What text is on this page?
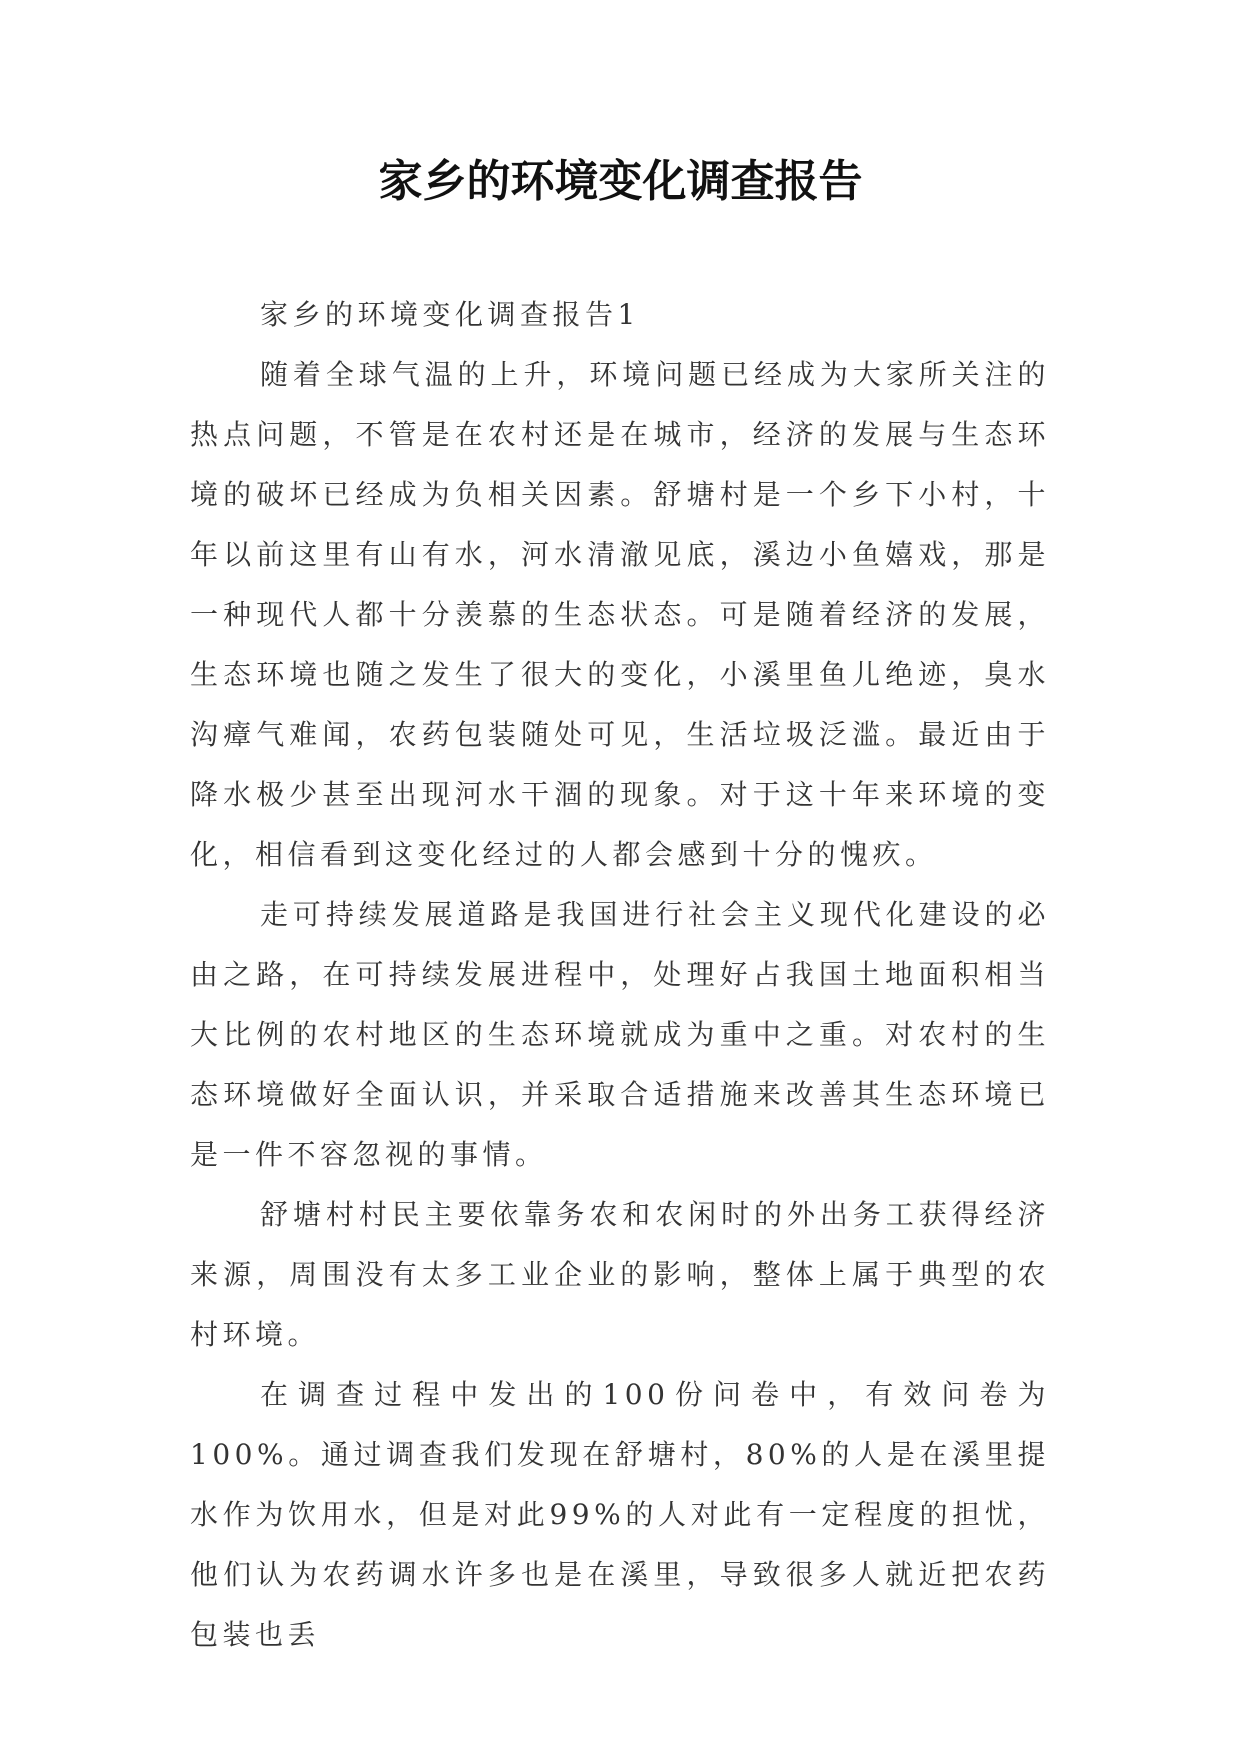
家乡的环境变化调查报告

家乡的环境变化调查报告1

随着全球气温的上升，环境问题已经成为大家所关注的热点问题，不管是在农村还是在城市，经济的发展与生态环境的破坏已经成为负相关因素。舒塘村是一个乡下小村，十年以前这里有山有水，河水清澈见底，溪边小鱼嬉戏，那是一种现代人都十分羡慕的生态状态。可是随着经济的发展，生态环境也随之发生了很大的变化，小溪里鱼儿绝迹，臭水沟瘴气难闻，农药包装随处可见，生活垃圾泛滥。最近由于降水极少甚至出现河水干涸的现象。对于这十年来环境的变化，相信看到这变化经过的人都会感到十分的愧疚。

走可持续发展道路是我国进行社会主义现代化建设的必由之路，在可持续发展进程中，处理好占我国土地面积相当大比例的农村地区的生态环境就成为重中之重。对农村的生态环境做好全面认识，并采取合适措施来改善其生态环境已是一件不容忽视的事情。

舒塘村村民主要依靠务农和农闲时的外出务工获得经济来源，周围没有太多工业企业的影响，整体上属于典型的农村环境。

在调查过程中发出的100份问卷中，有效问卷为100%。通过调查我们发现在舒塘村，80%的人是在溪里提水作为饮用水，但是对此99%的人对此有一定程度的担忧，他们认为农药调水许多也是在溪里，导致很多人就近把农药包装也丢
